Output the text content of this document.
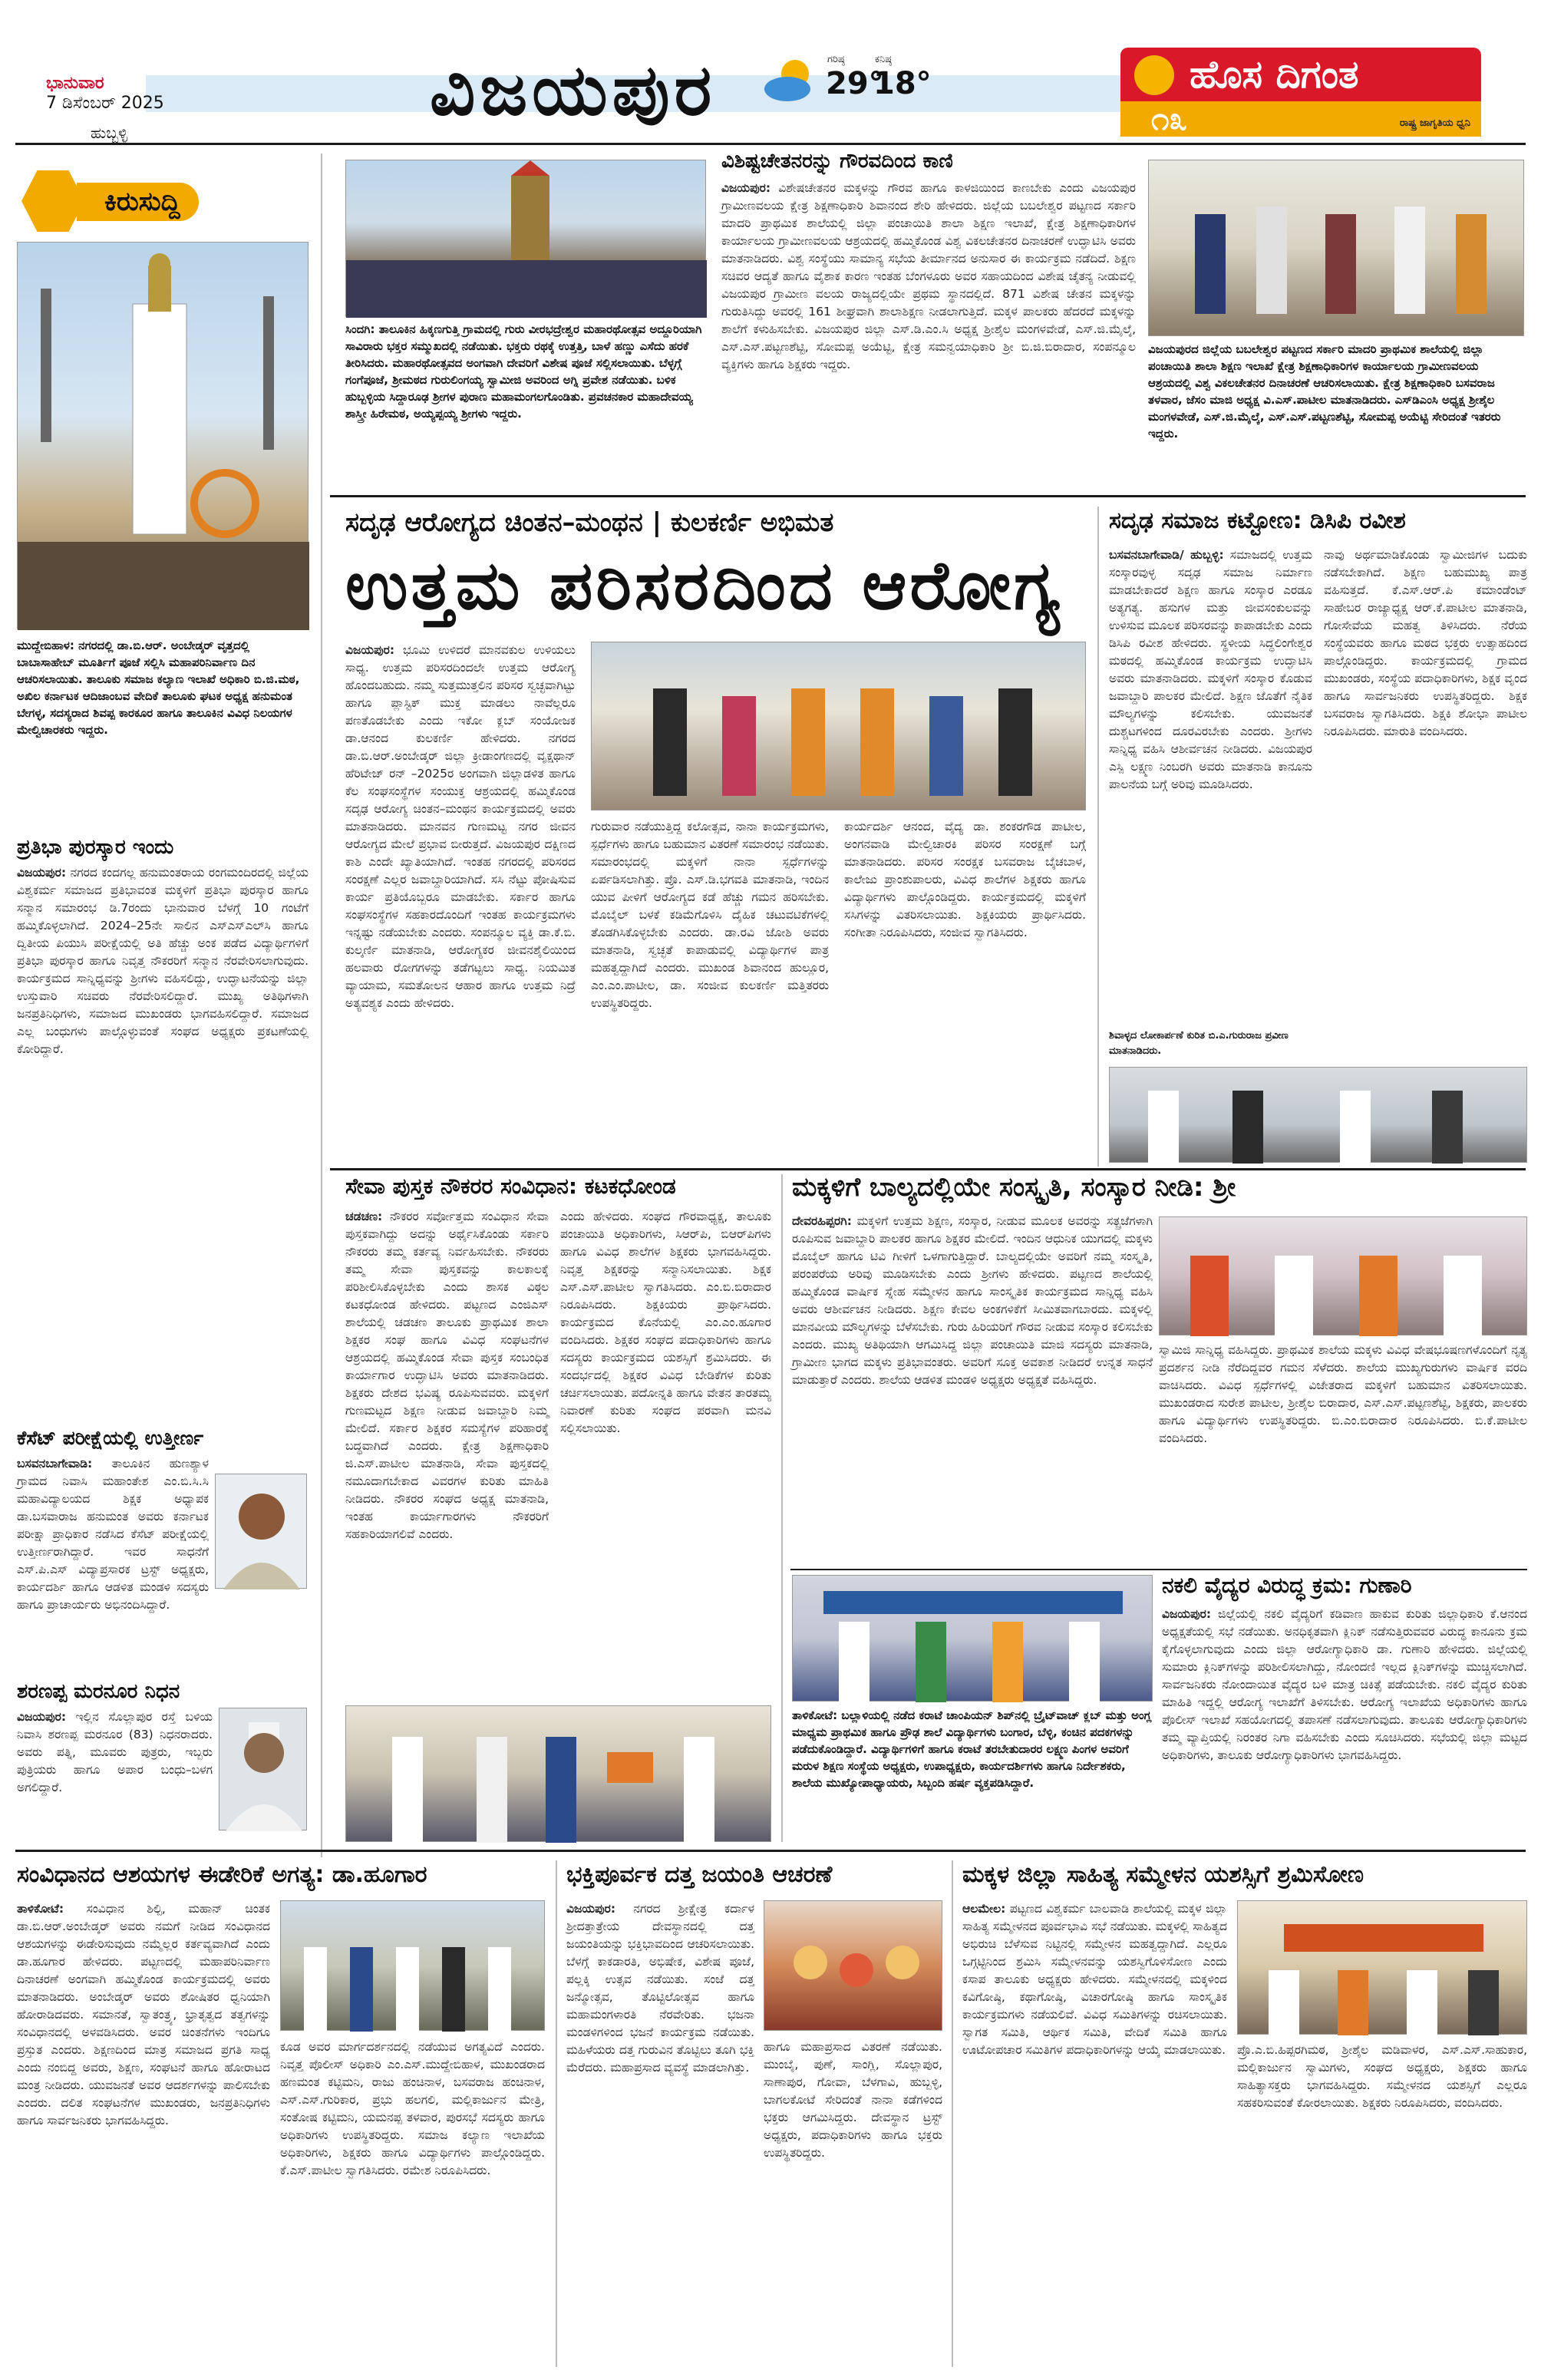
ಭಾನುವಾರ
7 ಡಿಸೆಂಬರ್ 2025
ಹುಬ್ಬಳ್ಳಿ
ವಿಜಯಪುರ	ಗರಿಷ್ಠ
29°
ಕನಿಷ್ಠ
18°	ಹೊಸ ದಿಗಂತ
೧೩	ರಾಷ್ಟ್ರ ಜಾಗೃತಿಯ ಧ್ವನಿ
ಕಿರುಸುದ್ದಿ
ಮುದ್ದೇಬಿಹಾಳ: ನಗರದಲ್ಲಿ ಡಾ.ಬಿ.ಆರ್. ಅಂಬೇಡ್ಕರ್ ವೃತ್ತದಲ್ಲಿ ಬಾಬಾಸಾಹೇಬ್ ಮೂರ್ತಿಗೆ ಪೂಜೆ ಸಲ್ಲಿಸಿ ಮಹಾಪರಿನಿರ್ವಾಣ ದಿನ ಆಚರಿಸಲಾಯಿತು. ತಾಲೂಕು ಸಮಾಜ ಕಲ್ಯಾಣ ಇಲಾಖೆ ಅಧಿಕಾರಿ ಬಿ.ಜಿ.ಮಠ, ಅಖಿಲ ಕರ್ನಾಟಕ ಆದಿಜಾಂಬವ ವೇದಿಕೆ ತಾಲೂಕು ಘಟಕ ಅಧ್ಯಕ್ಷ ಹನುಮಂತ ಬೇಗಳ್ಳ, ಸದಸ್ಯರಾದ ಶಿವಪ್ಪ ಕಾರಕೂರ ಹಾಗೂ ತಾಲೂಕಿನ ವಿವಿಧ ನಿಲಯಗಳ ಮೇಲ್ವಿಚಾರಕರು ಇದ್ದರು.
ಪ್ರತಿಭಾ ಪುರಸ್ಕಾರ ಇಂದು
ವಿಜಯಪುರ: ನಗರದ ಕಂದಗಲ್ಲ ಹನುಮಂತರಾಯ ರಂಗಮಂದಿರದಲ್ಲಿ ಜಿಲ್ಲೆಯ ವಿಶ್ವಕರ್ಮ ಸಮಾಜದ ಪ್ರತಿಭಾವಂತ ಮಕ್ಕಳಿಗೆ ಪ್ರತಿಭಾ ಪುರಸ್ಕಾರ ಹಾಗೂ ಸನ್ಮಾನ ಸಮಾರಂಭ ಡಿ.7ರಂದು ಭಾನುವಾರ ಬೆಳಗ್ಗೆ 10 ಗಂಟೆಗೆ ಹಮ್ಮಿಕೊಳ್ಳಲಾಗಿದೆ. 2024–25ನೇ ಸಾಲಿನ ಎಸ್ಎಸ್ಎಲ್‌ಸಿ ಹಾಗೂ ದ್ವಿತೀಯ ಪಿಯುಸಿ ಪರೀಕ್ಷೆಯಲ್ಲಿ ಅತಿ ಹೆಚ್ಚು ಅಂಕ ಪಡೆದ ವಿದ್ಯಾರ್ಥಿಗಳಿಗೆ ಪ್ರತಿಭಾ ಪುರಸ್ಕಾರ ಹಾಗೂ ನಿವೃತ್ತ ನೌಕರರಿಗೆ ಸನ್ಮಾನ ನೆರವೇರಿಸಲಾಗುವುದು. ಕಾರ್ಯಕ್ರಮದ ಸಾನ್ನಿಧ್ಯವನ್ನು ಶ್ರೀಗಳು ವಹಿಸಲಿದ್ದು, ಉದ್ಘಾಟನೆಯನ್ನು ಜಿಲ್ಲಾ ಉಸ್ತುವಾರಿ ಸಚಿವರು ನೆರವೇರಿಸಲಿದ್ದಾರೆ. ಮುಖ್ಯ ಅತಿಥಿಗಳಾಗಿ ಜನಪ್ರತಿನಿಧಿಗಳು, ಸಮಾಜದ ಮುಖಂಡರು ಭಾಗವಹಿಸಲಿದ್ದಾರೆ. ಸಮಾಜದ ಎಲ್ಲ ಬಂಧುಗಳು ಪಾಲ್ಗೊಳ್ಳುವಂತೆ ಸಂಘದ ಅಧ್ಯಕ್ಷರು ಪ್ರಕಟಣೆಯಲ್ಲಿ ಕೋರಿದ್ದಾರೆ.
ಕೆಸೆಟ್ ಪರೀಕ್ಷೆಯಲ್ಲಿ ಉತ್ತೀರ್ಣ
ಬಸವನಬಾಗೇವಾಡಿ: ತಾಲೂಕಿನ ಹುಣಶ್ಯಾಳ ಗ್ರಾಮದ ನಿವಾಸಿ ಮಹಾಂತೇಶ ಎಂ.ಬಿ.ಸಿ.ಸಿ ಮಹಾವಿದ್ಯಾಲಯದ ಶಿಕ್ಷಕ ಅಧ್ಯಾಪಕ ಡಾ.ಬಸವಾರಾಜ ಹನುಮಂತ ಅವರು ಕರ್ನಾಟಕ ಪರೀಕ್ಷಾ ಪ್ರಾಧಿಕಾರ ನಡೆಸಿದ ಕೆಸೆಟ್ ಪರೀಕ್ಷೆಯಲ್ಲಿ ಉತ್ತೀರ್ಣರಾಗಿದ್ದಾರೆ. ಇವರ ಸಾಧನೆಗೆ ಎಸ್.ಪಿ.ಎಸ್ ವಿದ್ಯಾಪ್ರಸಾರಕ ಟ್ರಸ್ಟ್ ಅಧ್ಯಕ್ಷರು, ಕಾರ್ಯದರ್ಶಿ ಹಾಗೂ ಆಡಳಿತ ಮಂಡಳಿ ಸದಸ್ಯರು ಹಾಗೂ ಪ್ರಾಚಾರ್ಯರು ಅಭಿನಂದಿಸಿದ್ದಾರೆ.
ಶರಣಪ್ಪ ಮರನೂರ ನಿಧನ
ವಿಜಯಪುರ: ಇಲ್ಲಿನ ಸೊಲ್ಲಾಪುರ ರಸ್ತೆ ಬಳಿಯ ನಿವಾಸಿ ಶರಣಪ್ಪ ಮರನೂರ (83) ನಿಧನರಾದರು. ಅವರು ಪತ್ನಿ, ಮೂವರು ಪುತ್ರರು, ಇಬ್ಬರು ಪುತ್ರಿಯರು ಹಾಗೂ ಅಪಾರ ಬಂಧು–ಬಳಗ ಅಗಲಿದ್ದಾರೆ.
ಸಿಂದಗಿ: ತಾಲೂಕಿನ ಹಿಕ್ಕಣಗುತ್ತಿ ಗ್ರಾಮದಲ್ಲಿ ಗುರು ವೀರಭದ್ರೇಶ್ವರ ಮಹಾರಥೋತ್ಸವ ಅದ್ದೂರಿಯಾಗಿ ಸಾವಿರಾರು ಭಕ್ತರ ಸಮ್ಮುಖದಲ್ಲಿ ನಡೆಯಿತು. ಭಕ್ತರು ರಥಕ್ಕೆ ಉತ್ತತ್ತಿ, ಬಾಳೆ ಹಣ್ಣು ಎಸೆದು ಹರಕೆ ತೀರಿಸಿದರು. ಮಹಾರಥೋತ್ಸವದ ಅಂಗವಾಗಿ ದೇವರಿಗೆ ವಿಶೇಷ ಪೂಜೆ ಸಲ್ಲಿಸಲಾಯಿತು. ಬೆಳ್ಳಗ್ಗೆ ಗಂಗೆಪೂಜೆ, ಶ್ರೀಮಠದ ಗುರುಲಿಂಗಯ್ಯ ಸ್ವಾಮೀಜಿ ಅವರಿಂದ ಅಗ್ನಿ ಪ್ರವೇಶ ನಡೆಯಿತು. ಬಳಿಕ ಹುಬ್ಬಳ್ಳಿಯ ಸಿದ್ದಾರೂಢ ಶ್ರೀಗಳ ಪುರಾಣ ಮಹಾಮಂಗಲಗೊಂಡಿತು. ಪ್ರವಚನಕಾರ ಮಹಾದೇವಯ್ಯ ಶಾಸ್ತ್ರೀ ಹಿರೇಮಠ, ಅಯ್ಯಪ್ಪಯ್ಯ ಶ್ರೀಗಳು ಇದ್ದರು.
ವಿಶಿಷ್ಟಚೇತನರನ್ನು ಗೌರವದಿಂದ ಕಾಣಿ
ವಿಜಯಪುರ: ವಿಶೇಷಚೇತನರ ಮಕ್ಕಳನ್ನು ಗೌರವ ಹಾಗೂ ಕಾಳಜಿಯಿಂದ ಕಾಣಬೇಕು ಎಂದು ವಿಜಯಪುರ ಗ್ರಾಮೀಣವಲಯ ಕ್ಷೇತ್ರ ಶಿಕ್ಷಣಾಧಿಕಾರಿ ಶಿವಾನಂದ ಶೇರಿ ಹೇಳಿದರು. ಜಿಲ್ಲೆಯ ಬಬಲೇಶ್ವರ ಪಟ್ಟಣದ ಸರ್ಕಾರಿ ಮಾದರಿ ಪ್ರಾಥಮಿಕ ಶಾಲೆಯಲ್ಲಿ ಜಿಲ್ಲಾ ಪಂಚಾಯಿತಿ ಶಾಲಾ ಶಿಕ್ಷಣ ಇಲಾಖೆ, ಕ್ಷೇತ್ರ ಶಿಕ್ಷಣಾಧಿಕಾರಿಗಳ ಕಾರ್ಯಾಲಯ ಗ್ರಾಮೀಣವಲಯ ಆಶ್ರಯದಲ್ಲಿ ಹಮ್ಮಿಕೊಂಡ ವಿಶ್ವ ವಿಕಲಚೇತನರ ದಿನಾಚರಣೆ ಉದ್ಘಾಟಿಸಿ ಅವರು ಮಾತನಾಡಿದರು. ವಿಶ್ವ ಸಂಸ್ಥೆಯು ಸಾಮಾನ್ಯ ಸಭೆಯ ತೀರ್ಮಾನದ ಅನುಸಾರ ಈ ಕಾರ್ಯಕ್ರಮ ನಡೆದಿದೆ. ಶಿಕ್ಷಣ ಸಚಿವರ ಆದ್ಯತೆ ಹಾಗೂ ವೈಶಾಕ ಕಾರಣ ಇಂತಹ ಬೆಂಗಳೂರು ಅವರ ಸಹಾಯದಿಂದ ವಿಶೇಷ ಚೈತನ್ಯ ನೀಡುವಲ್ಲಿ ವಿಜಯಪುರ ಗ್ರಾಮೀಣ ವಲಯ ರಾಜ್ಯದಲ್ಲಿಯೇ ಪ್ರಥಮ ಸ್ಥಾನದಲ್ಲಿದೆ. 871 ವಿಶೇಷ ಚೇತನ ಮಕ್ಕಳನ್ನು ಗುರುತಿಸಿದ್ದು ಅವರಲ್ಲಿ 161 ಶೀಘ್ರವಾಗಿ ಶಾಲಾಶಿಕ್ಷಣ ನೀಡಲಾಗುತ್ತಿದೆ. ಮಕ್ಕಳ ಪಾಲಕರು ಹೆದರದೆ ಮಕ್ಕಳನ್ನು ಶಾಲೆಗೆ ಕಳುಹಿಸಬೇಕು. ವಿಜಯಪುರ ಜಿಲ್ಲಾ ಎಸ್.ಡಿ.ಎಂ.ಸಿ ಅಧ್ಯಕ್ಷ ಶ್ರೀಶೈಲ ಮಂಗಳವೇಡೆ, ಎಸ್.ಜಿ.ಮೈಲ್ಕೆ, ಎಸ್.ಎಸ್.ಪಟ್ಟಣಶೆಟ್ಟಿ, ಸೋಮಪ್ಪ ಅಯೆಟ್ಟಿ, ಕ್ಷೇತ್ರ ಸಮನ್ವಯಾಧಿಕಾರಿ ಶ್ರೀ ಬಿ.ಜಿ.ಬಿರಾದಾರ, ಸಂಪನ್ಮೂಲ ವ್ಯಕ್ತಿಗಳು ಹಾಗೂ ಶಿಕ್ಷಕರು ಇದ್ದರು.
ವಿಜಯಪುರದ ಜಿಲ್ಲೆಯ ಬಬಲೇಶ್ವರ ಪಟ್ಟಣದ ಸರ್ಕಾರಿ ಮಾದರಿ ಪ್ರಾಥಮಿಕ ಶಾಲೆಯಲ್ಲಿ ಜಿಲ್ಲಾ ಪಂಚಾಯಿತಿ ಶಾಲಾ ಶಿಕ್ಷಣ ಇಲಾಖೆ ಕ್ಷೇತ್ರ ಶಿಕ್ಷಣಾಧಿಕಾರಿಗಳ ಕಾರ್ಯಾಲಯ ಗ್ರಾಮೀಣವಲಯ ಆಶ್ರಯದಲ್ಲಿ ವಿಶ್ವ ವಿಕಲಚೇತನರ ದಿನಾಚರಣೆ ಆಚರಿಸಲಾಯಿತು. ಕ್ಷೇತ್ರ ಶಿಕ್ಷಣಾಧಿಕಾರಿ ಬಸವರಾಜ ತಳವಾರ, ಜೆಸಂ ಮಾಜಿ ಅಧ್ಯಕ್ಷ ವಿ.ಎಸ್.ಪಾಟೀಲ ಮಾತನಾಡಿದರು. ಎಸ್‌ಡಿಎಂಸಿ ಅಧ್ಯಕ್ಷ ಶ್ರೀಶೈಲ ಮಂಗಳವೇಡೆ, ಎಸ್.ಜಿ.ಮೈಲ್ಕೆ, ಎಸ್.ಎಸ್.ಪಟ್ಟಣಶೆಟ್ಟಿ, ಸೋಮಪ್ಪ ಅಯೆಟ್ಟಿ ಸೇರಿದಂತೆ ಇತರರು ಇದ್ದರು.
ಸದೃಢ ಆರೋಗ್ಯದ ಚಿಂತನ–ಮಂಥನ | ಕುಲಕರ್ಣಿ ಅಭಿಮತ
ಉತ್ತಮ ಪರಿಸರದಿಂದ ಆರೋಗ್ಯ
ವಿಜಯಪುರ: ಭೂಮಿ ಉಳಿದರೆ ಮಾನವಕುಲ ಉಳಿಯಲು ಸಾಧ್ಯ. ಉತ್ತಮ ಪರಿಸರದಿಂದಲೇ ಉತ್ತಮ ಆರೋಗ್ಯ ಹೊಂದಬಹುದು. ನಮ್ಮ ಸುತ್ತಮುತ್ತಲಿನ ಪರಿಸರ ಸ್ವಚ್ಛವಾಗಿಟ್ಟು ಹಾಗೂ ಪ್ಲಾಸ್ಟಿಕ್ ಮುಕ್ತ ಮಾಡಲು ನಾವೆಲ್ಲರೂ ಪಣತೊಡಬೇಕು ಎಂದು ಇಕೋ ಕ್ಲಬ್ ಸಂಯೋಜಕ ಡಾ.ಆನಂದ ಕುಲಕರ್ಣಿ ಹೇಳಿದರು. ನಗರದ ಡಾ.ಬಿ.ಆರ್.ಅಂಬೇಡ್ಕರ್ ಜಿಲ್ಲಾ ಕ್ರೀಡಾಂಗಣದಲ್ಲಿ ವೃಕ್ಷಥಾನ್ ಹೆರಿಟೇಜ್ ರನ್ –2025ರ ಅಂಗವಾಗಿ ಜಿಲ್ಲಾಡಳಿತ ಹಾಗೂ ಕೆಲ ಸಂಘಸಂಸ್ಥೆಗಳ ಸಂಯುಕ್ತ ಆಶ್ರಯದಲ್ಲಿ ಹಮ್ಮಿಕೊಂಡ ಸದೃಢ ಆರೋಗ್ಯ ಚಿಂತನ–ಮಂಥನ ಕಾರ್ಯಕ್ರಮದಲ್ಲಿ ಅವರು ಮಾತನಾಡಿದರು. ಮಾನವನ ಗುಣಮಟ್ಟ ನಗರ ಜೀವನ ಆರೋಗ್ಯದ ಮೇಲೆ ಪ್ರಭಾವ ಬೀರುತ್ತದೆ. ವಿಜಯಪುರ ದಕ್ಷಿಣದ ಕಾಶಿ ಎಂದೇ ಖ್ಯಾತಿಯಾಗಿದೆ. ಇಂತಹ ನಗರದಲ್ಲಿ ಪರಿಸರದ ಸಂರಕ್ಷಣೆ ಎಲ್ಲರ ಜವಾಬ್ದಾರಿಯಾಗಿದೆ. ಸಸಿ ನೆಟ್ಟು ಪೋಷಿಸುವ ಕಾರ್ಯ ಪ್ರತಿಯೊಬ್ಬರೂ ಮಾಡಬೇಕು. ಸರ್ಕಾರ ಹಾಗೂ ಸಂಘಸಂಸ್ಥೆಗಳ ಸಹಕಾರದೊಂದಿಗೆ ಇಂತಹ ಕಾರ್ಯಕ್ರಮಗಳು ಇನ್ನಷ್ಟು ನಡೆಯಬೇಕು ಎಂದರು. ಸಂಪನ್ಮೂಲ ವ್ಯಕ್ತಿ ಡಾ.ಕೆ.ಬಿ. ಕುಲ್ಕರ್ಣಿ ಮಾತನಾಡಿ, ಆರೋಗ್ಯಕರ ಜೀವನಶೈಲಿಯಿಂದ ಹಲವಾರು ರೋಗಗಳನ್ನು ತಡೆಗಟ್ಟಲು ಸಾಧ್ಯ. ನಿಯಮಿತ ವ್ಯಾಯಾಮ, ಸಮತೋಲನ ಆಹಾರ ಹಾಗೂ ಉತ್ತಮ ನಿದ್ರೆ ಅತ್ಯವಶ್ಯಕ ಎಂದು ಹೇಳಿದರು.
ಗುರುವಾರ ನಡೆಯುತ್ತಿದ್ದ ಕಲೋತ್ಸವ, ನಾನಾ ಕಾರ್ಯಕ್ರಮಗಳು, ಸ್ಪರ್ಧೆಗಳು ಹಾಗೂ ಬಹುಮಾನ ವಿತರಣೆ ಸಮಾರಂಭ ನಡೆಯಿತು. ಸಮಾರಂಭದಲ್ಲಿ ಮಕ್ಕಳಿಗೆ ನಾನಾ ಸ್ಪರ್ಧೆಗಳನ್ನು ಏರ್ಪಡಿಸಲಾಗಿತ್ತು. ಪ್ರೊ. ಎಸ್.ಡಿ.ಭಗವತಿ ಮಾತನಾಡಿ, ಇಂದಿನ ಯುವ ಪೀಳಿಗೆ ಆರೋಗ್ಯದ ಕಡೆ ಹೆಚ್ಚು ಗಮನ ಹರಿಸಬೇಕು. ಮೊಬೈಲ್ ಬಳಕೆ ಕಡಿಮೆಗೊಳಿಸಿ ದೈಹಿಕ ಚಟುವಟಿಕೆಗಳಲ್ಲಿ ತೊಡಗಿಸಿಕೊಳ್ಳಬೇಕು ಎಂದರು. ಡಾ.ರವಿ ಜೋಶಿ ಅವರು ಮಾತನಾಡಿ, ಸ್ವಚ್ಛತೆ ಕಾಪಾಡುವಲ್ಲಿ ವಿದ್ಯಾರ್ಥಿಗಳ ಪಾತ್ರ ಮಹತ್ವದ್ದಾಗಿದೆ ಎಂದರು. ಮುಖಂಡ ಶಿವಾನಂದ ಹುಲ್ಲೂರ, ಎಂ.ಎಂ.ಪಾಟೀಲ, ಡಾ. ಸಂಜೀವ ಕುಲಕರ್ಣಿ ಮತ್ತಿತರರು ಉಪಸ್ಥಿತರಿದ್ದರು.
ಕಾರ್ಯದರ್ಶಿ ಆನಂದ, ವೈದ್ಯ ಡಾ. ಶಂಕರಗೌಡ ಪಾಟೀಲ, ಅಂಗನವಾಡಿ ಮೇಲ್ವಿಚಾರಕಿ ಪರಿಸರ ಸಂರಕ್ಷಣೆ ಬಗ್ಗೆ ಮಾತನಾಡಿದರು. ಪರಿಸರ ಸಂರಕ್ಷಕ ಬಸವರಾಜ ಬೈಚಬಾಳ, ಕಾಲೇಜು ಪ್ರಾಂಶುಪಾಲರು, ವಿವಿಧ ಶಾಲೆಗಳ ಶಿಕ್ಷಕರು ಹಾಗೂ ವಿದ್ಯಾರ್ಥಿಗಳು ಪಾಲ್ಗೊಂಡಿದ್ದರು. ಕಾರ್ಯಕ್ರಮದಲ್ಲಿ ಮಕ್ಕಳಿಗೆ ಸಸಿಗಳನ್ನು ವಿತರಿಸಲಾಯಿತು. ಶಿಕ್ಷಕಿಯರು ಪ್ರಾರ್ಥಿಸಿದರು. ಸಂಗೀತಾ ನಿರೂಪಿಸಿದರು, ಸಂಜೀವ ಸ್ವಾಗತಿಸಿದರು.
ಸದೃಢ ಸಮಾಜ ಕಟ್ಟೋಣ: ಡಿಸಿಪಿ ರವೀಶ
ಬಸವನಬಾಗೇವಾಡಿ/ ಹುಬ್ಬಳ್ಳಿ: ಸಮಾಜದಲ್ಲಿ ಉತ್ತಮ ಸಂಸ್ಕಾರವುಳ್ಳ ಸದೃಢ ಸಮಾಜ ನಿರ್ಮಾಣ ಮಾಡಬೇಕಾದರೆ ಶಿಕ್ಷಣ ಹಾಗೂ ಸಂಸ್ಕಾರ ಎರಡೂ ಅತ್ಯಗತ್ಯ. ಹಸುಗಳ ಮತ್ತು ಜೀವಸಂಕುಲವನ್ನು ಉಳಿಸುವ ಮೂಲಕ ಪರಿಸರವನ್ನು ಕಾಪಾಡಬೇಕು ಎಂದು ಡಿಸಿಪಿ ರವೀಶ ಹೇಳಿದರು. ಸ್ಥಳೀಯ ಸಿದ್ಧಲಿಂಗೇಶ್ವರ ಮಠದಲ್ಲಿ ಹಮ್ಮಿಕೊಂಡ ಕಾರ್ಯಕ್ರಮ ಉದ್ಘಾಟಿಸಿ ಅವರು ಮಾತನಾಡಿದರು. ಮಕ್ಕಳಿಗೆ ಸಂಸ್ಕಾರ ಕೊಡುವ ಜವಾಬ್ದಾರಿ ಪಾಲಕರ ಮೇಲಿದೆ. ಶಿಕ್ಷಣ ಜೊತೆಗೆ ನೈತಿಕ ಮೌಲ್ಯಗಳನ್ನು ಕಲಿಸಬೇಕು. ಯುವಜನತೆ ದುಶ್ಚಟಗಳಿಂದ ದೂರವಿರಬೇಕು ಎಂದರು. ಶ್ರೀಗಳು ಸಾನ್ನಿಧ್ಯ ವಹಿಸಿ ಆಶೀರ್ವಚನ ನೀಡಿದರು. ವಿಜಯಪುರ ಎಸ್ಪಿ ಲಕ್ಷ್ಮಣ ನಿಂಬರಗಿ ಅವರು ಮಾತನಾಡಿ ಕಾನೂನು ಪಾಲನೆಯ ಬಗ್ಗೆ ಅರಿವು ಮೂಡಿಸಿದರು.
ನಾವು ಅರ್ಥಮಾಡಿಕೊಂಡು ಸ್ವಾಮೀಜಿಗಳ ಬದುಕು ನಡೆಸಬೇಕಾಗಿದೆ. ಶಿಕ್ಷಣ ಬಹುಮುಖ್ಯ ಪಾತ್ರ ವಹಿಸುತ್ತದೆ. ಕೆ.ಎಸ್.ಆರ್.ಪಿ ಕಮಾಂಡೆಂಟ್ ಸಾಹೇಬರ ರಾಜ್ಯಾಧ್ಯಕ್ಷ ಆರ್.ಕೆ.ಪಾಟೀಲ ಮಾತನಾಡಿ, ಗೋಸೇವೆಯ ಮಹತ್ವ ತಿಳಿಸಿದರು. ನೆರೆಯ ಸಂಸ್ಥೆಯವರು ಹಾಗೂ ಮಠದ ಭಕ್ತರು ಉತ್ಸಾಹದಿಂದ ಪಾಲ್ಗೊಂಡಿದ್ದರು. ಕಾರ್ಯಕ್ರಮದಲ್ಲಿ ಗ್ರಾಮದ ಮುಖಂಡರು, ಸಂಸ್ಥೆಯ ಪದಾಧಿಕಾರಿಗಳು, ಶಿಕ್ಷಕ ವೃಂದ ಹಾಗೂ ಸಾರ್ವಜನಿಕರು ಉಪಸ್ಥಿತರಿದ್ದರು. ಶಿಕ್ಷಕ ಬಸವರಾಜ ಸ್ವಾಗತಿಸಿದರು. ಶಿಕ್ಷಕಿ ಶೋಭಾ ಪಾಟೀಲ ನಿರೂಪಿಸಿದರು. ಮಾರುತಿ ವಂದಿಸಿದರು.
ಶಿವಾಳ್ಳದ ಲೋಕಾರ್ಪಣೆ ಕುರಿತ ಬಿ.ಎ.ಗುರುರಾಜ ಪ್ರವೀಣ ಮಾತನಾಡಿದರು.
ಸೇವಾ ಪುಸ್ತಕ ನೌಕರರ ಸಂವಿಧಾನ: ಕಟಕಧೋಂಡ
ಚಡಚಣ: ನೌಕರರ ಸರ್ವೋತ್ತಮ ಸಂವಿಧಾನ ಸೇವಾ ಪುಸ್ತಕವಾಗಿದ್ದು ಅದನ್ನು ಅರ್ಥೈಸಿಕೊಂಡು ಸರ್ಕಾರಿ ನೌಕರರು ತಮ್ಮ ಕರ್ತವ್ಯ ನಿರ್ವಹಿಸಬೇಕು. ನೌಕರರು ತಮ್ಮ ಸೇವಾ ಪುಸ್ತಕವನ್ನು ಕಾಲಕಾಲಕ್ಕೆ ಪರಿಶೀಲಿಸಿಕೊಳ್ಳಬೇಕು ಎಂದು ಶಾಸಕ ವಿಠ್ಠಲ ಕಟಕಧೋಂಡ ಹೇಳಿದರು. ಪಟ್ಟಣದ ಎಂಜಿಎಸ್ ಶಾಲೆಯಲ್ಲಿ ಚಡಚಣ ತಾಲೂಕು ಪ್ರಾಥಮಿಕ ಶಾಲಾ ಶಿಕ್ಷಕರ ಸಂಘ ಹಾಗೂ ವಿವಿಧ ಸಂಘಟನೆಗಳ ಆಶ್ರಯದಲ್ಲಿ ಹಮ್ಮಿಕೊಂಡ ಸೇವಾ ಪುಸ್ತಕ ಸಂಬಂಧಿತ ಕಾರ್ಯಾಗಾರ ಉದ್ಘಾಟಿಸಿ ಅವರು ಮಾತನಾಡಿದರು. ಶಿಕ್ಷಕರು ದೇಶದ ಭವಿಷ್ಯ ರೂಪಿಸುವವರು. ಮಕ್ಕಳಿಗೆ ಗುಣಮಟ್ಟದ ಶಿಕ್ಷಣ ನೀಡುವ ಜವಾಬ್ದಾರಿ ನಿಮ್ಮ ಮೇಲಿದೆ. ಸರ್ಕಾರ ಶಿಕ್ಷಕರ ಸಮಸ್ಯೆಗಳ ಪರಿಹಾರಕ್ಕೆ ಬದ್ಧವಾಗಿದೆ ಎಂದರು. ಕ್ಷೇತ್ರ ಶಿಕ್ಷಣಾಧಿಕಾರಿ ಜಿ.ಎಸ್.ಪಾಟೀಲ ಮಾತನಾಡಿ, ಸೇವಾ ಪುಸ್ತಕದಲ್ಲಿ ನಮೂದಾಗಬೇಕಾದ ವಿವರಗಳ ಕುರಿತು ಮಾಹಿತಿ ನೀಡಿದರು. ನೌಕರರ ಸಂಘದ ಅಧ್ಯಕ್ಷ ಮಾತನಾಡಿ, ಇಂತಹ ಕಾರ್ಯಾಗಾರಗಳು ನೌಕರರಿಗೆ ಸಹಕಾರಿಯಾಗಲಿವೆ ಎಂದರು.
ಎಂದು ಹೇಳಿದರು. ಸಂಘದ ಗೌರವಾಧ್ಯಕ್ಷ, ತಾಲೂಕು ಪಂಚಾಯಿತಿ ಅಧಿಕಾರಿಗಳು, ಸಿಆರ್‌ಪಿ, ಬಿಆರ್‌ಪಿಗಳು ಹಾಗೂ ವಿವಿಧ ಶಾಲೆಗಳ ಶಿಕ್ಷಕರು ಭಾಗವಹಿಸಿದ್ದರು. ನಿವೃತ್ತ ಶಿಕ್ಷಕರನ್ನು ಸನ್ಮಾನಿಸಲಾಯಿತು. ಶಿಕ್ಷಕ ಎಸ್.ಎಸ್.ಪಾಟೀಲ ಸ್ವಾಗತಿಸಿದರು. ಎಂ.ಬಿ.ಬಿರಾದಾರ ನಿರೂಪಿಸಿದರು. ಶಿಕ್ಷಕಿಯರು ಪ್ರಾರ್ಥಿಸಿದರು. ಕಾರ್ಯಕ್ರಮದ ಕೊನೆಯಲ್ಲಿ ಎಂ.ಎಂ.ಹೂಗಾರ ವಂದಿಸಿದರು. ಶಿಕ್ಷಕರ ಸಂಘದ ಪದಾಧಿಕಾರಿಗಳು ಹಾಗೂ ಸದಸ್ಯರು ಕಾರ್ಯಕ್ರಮದ ಯಶಸ್ಸಿಗೆ ಶ್ರಮಿಸಿದರು. ಈ ಸಂದರ್ಭದಲ್ಲಿ ಶಿಕ್ಷಕರ ವಿವಿಧ ಬೇಡಿಕೆಗಳ ಕುರಿತು ಚರ್ಚಿಸಲಾಯಿತು. ಪದೋನ್ನತಿ ಹಾಗೂ ವೇತನ ತಾರತಮ್ಯ ನಿವಾರಣೆ ಕುರಿತು ಸಂಘದ ಪರವಾಗಿ ಮನವಿ ಸಲ್ಲಿಸಲಾಯಿತು.
ಮಕ್ಕಳಿಗೆ ಬಾಲ್ಯದಲ್ಲಿಯೇ ಸಂಸ್ಕೃತಿ, ಸಂಸ್ಕಾರ ನೀಡಿ: ಶ್ರೀ
ದೇವರಹಿಪ್ಪರಗಿ: ಮಕ್ಕಳಿಗೆ ಉತ್ತಮ ಶಿಕ್ಷಣ, ಸಂಸ್ಕಾರ, ನೀಡುವ ಮೂಲಕ ಅವರನ್ನು ಸತ್ಪ್ರಜೆಗಳಾಗಿ ರೂಪಿಸುವ ಜವಾಬ್ದಾರಿ ಪಾಲಕರ ಹಾಗೂ ಶಿಕ್ಷಕರ ಮೇಲಿದೆ. ಇಂದಿನ ಆಧುನಿಕ ಯುಗದಲ್ಲಿ ಮಕ್ಕಳು ಮೊಬೈಲ್ ಹಾಗೂ ಟಿವಿ ಗೀಳಿಗೆ ಒಳಗಾಗುತ್ತಿದ್ದಾರೆ. ಬಾಲ್ಯದಲ್ಲಿಯೇ ಅವರಿಗೆ ನಮ್ಮ ಸಂಸ್ಕೃತಿ, ಪರಂಪರೆಯ ಅರಿವು ಮೂಡಿಸಬೇಕು ಎಂದು ಶ್ರೀಗಳು ಹೇಳಿದರು. ಪಟ್ಟಣದ ಶಾಲೆಯಲ್ಲಿ ಹಮ್ಮಿಕೊಂಡ ವಾರ್ಷಿಕ ಸ್ನೇಹ ಸಮ್ಮೇಳನ ಹಾಗೂ ಸಾಂಸ್ಕೃತಿಕ ಕಾರ್ಯಕ್ರಮದ ಸಾನ್ನಿಧ್ಯ ವಹಿಸಿ ಅವರು ಆಶೀರ್ವಚನ ನೀಡಿದರು. ಶಿಕ್ಷಣ ಕೇವಲ ಅಂಕಗಳಿಕೆಗೆ ಸೀಮಿತವಾಗಬಾರದು. ಮಕ್ಕಳಲ್ಲಿ ಮಾನವೀಯ ಮೌಲ್ಯಗಳನ್ನು ಬೆಳೆಸಬೇಕು. ಗುರು ಹಿರಿಯರಿಗೆ ಗೌರವ ನೀಡುವ ಸಂಸ್ಕಾರ ಕಲಿಸಬೇಕು ಎಂದರು. ಮುಖ್ಯ ಅತಿಥಿಯಾಗಿ ಆಗಮಿಸಿದ್ದ ಜಿಲ್ಲಾ ಪಂಚಾಯಿತಿ ಮಾಜಿ ಸದಸ್ಯರು ಮಾತನಾಡಿ, ಗ್ರಾಮೀಣ ಭಾಗದ ಮಕ್ಕಳು ಪ್ರತಿಭಾವಂತರು. ಅವರಿಗೆ ಸೂಕ್ತ ಅವಕಾಶ ನೀಡಿದರೆ ಉನ್ನತ ಸಾಧನೆ ಮಾಡುತ್ತಾರೆ ಎಂದರು. ಶಾಲೆಯ ಆಡಳಿತ ಮಂಡಳಿ ಅಧ್ಯಕ್ಷರು ಅಧ್ಯಕ್ಷತೆ ವಹಿಸಿದ್ದರು.
ಸ್ವಾಮಿಜಿ ಸಾನ್ನಿಧ್ಯ ವಹಿಸಿದ್ದರು. ಪ್ರಾಥಮಿಕ ಶಾಲೆಯ ಮಕ್ಕಳು ವಿವಿಧ ವೇಷಭೂಷಣಗಳೊಂದಿಗೆ ನೃತ್ಯ ಪ್ರದರ್ಶನ ನೀಡಿ ನೆರೆದಿದ್ದವರ ಗಮನ ಸೆಳೆದರು. ಶಾಲೆಯ ಮುಖ್ಯಗುರುಗಳು ವಾರ್ಷಿಕ ವರದಿ ವಾಚಿಸಿದರು. ವಿವಿಧ ಸ್ಪರ್ಧೆಗಳಲ್ಲಿ ವಿಜೇತರಾದ ಮಕ್ಕಳಿಗೆ ಬಹುಮಾನ ವಿತರಿಸಲಾಯಿತು. ಮುಖಂಡರಾದ ಸುರೇಶ ಪಾಟೀಲ, ಶ್ರೀಶೈಲ ಬಿರಾದಾರ, ಎಸ್.ಎಸ್.ಪಟ್ಟಣಶೆಟ್ಟಿ, ಶಿಕ್ಷಕರು, ಪಾಲಕರು ಹಾಗೂ ವಿದ್ಯಾರ್ಥಿಗಳು ಉಪಸ್ಥಿತರಿದ್ದರು. ಬಿ.ಎಂ.ಬಿರಾದಾರ ನಿರೂಪಿಸಿದರು. ಬಿ.ಕೆ.ಪಾಟೀಲ ವಂದಿಸಿದರು.
ತಾಳಿಕೋಟೆ: ಬಲ್ಲಾಳಿಯಲ್ಲಿ ನಡೆದ ಕರಾಟೆ ಚಾಂಪಿಯನ್ ಶಿಪ್‌ನಲ್ಲಿ ಬ್ರೈಟ್‌ವಾಚ್ ಕ್ಲಬ್ ಮತ್ತು ಅಂಗ್ಲ ಮಾಧ್ಯಮ ಪ್ರಾಥಮಿಕ ಹಾಗೂ ಪ್ರೌಢ ಶಾಲೆ ವಿದ್ಯಾರ್ಥಿಗಳು ಬಂಗಾರ, ಬೆಳ್ಳಿ, ಕಂಚಿನ ಪದಕಗಳನ್ನು ಪಡೆದುಕೊಂಡಿದ್ದಾರೆ. ವಿದ್ಯಾರ್ಥಿಗಳಿಗೆ ಹಾಗೂ ಕರಾಟೆ ತರಬೇತುದಾರರ ಲಕ್ಷ್ಮಣ ಪಿಂಗಳ ಅವರಿಗೆ ಮರುಳ ಶಿಕ್ಷಣ ಸಂಸ್ಥೆಯ ಅಧ್ಯಕ್ಷರು, ಉಪಾಧ್ಯಕ್ಷರು, ಕಾರ್ಯದರ್ಶಿಗಳು ಹಾಗೂ ನಿರ್ದೇಶಕರು, ಶಾಲೆಯ ಮುಖ್ಯೋಪಾಧ್ಯಾಯರು, ಸಿಬ್ಬಂದಿ ಹರ್ಷ ವ್ಯಕ್ತಪಡಿಸಿದ್ದಾರೆ.
ನಕಲಿ ವೈದ್ಯರ ವಿರುದ್ಧ ಕ್ರಮ: ಗುಣಾರಿ
ವಿಜಯಪುರ: ಜಿಲ್ಲೆಯಲ್ಲಿ ನಕಲಿ ವೈದ್ಯರಿಗೆ ಕಡಿವಾಣ ಹಾಕುವ ಕುರಿತು ಜಿಲ್ಲಾಧಿಕಾರಿ ಕೆ.ಆನಂದ ಅಧ್ಯಕ್ಷತೆಯಲ್ಲಿ ಸಭೆ ನಡೆಯಿತು. ಅನಧಿಕೃತವಾಗಿ ಕ್ಲಿನಿಕ್ ನಡೆಸುತ್ತಿರುವವರ ವಿರುದ್ಧ ಕಾನೂನು ಕ್ರಮ ಕೈಗೊಳ್ಳಲಾಗುವುದು ಎಂದು ಜಿಲ್ಲಾ ಆರೋಗ್ಯಾಧಿಕಾರಿ ಡಾ. ಗುಣಾರಿ ಹೇಳಿದರು. ಜಿಲ್ಲೆಯಲ್ಲಿ ಸುಮಾರು ಕ್ಲಿನಿಕ್‌ಗಳನ್ನು ಪರಿಶೀಲಿಸಲಾಗಿದ್ದು, ನೋಂದಣಿ ಇಲ್ಲದ ಕ್ಲಿನಿಕ್‌ಗಳನ್ನು ಮುಚ್ಚಿಸಲಾಗಿದೆ. ಸಾರ್ವಜನಿಕರು ನೋಂದಾಯಿತ ವೈದ್ಯರ ಬಳಿ ಮಾತ್ರ ಚಿಕಿತ್ಸೆ ಪಡೆಯಬೇಕು. ನಕಲಿ ವೈದ್ಯರ ಕುರಿತು ಮಾಹಿತಿ ಇದ್ದಲ್ಲಿ ಆರೋಗ್ಯ ಇಲಾಖೆಗೆ ತಿಳಿಸಬೇಕು. ಆರೋಗ್ಯ ಇಲಾಖೆಯ ಅಧಿಕಾರಿಗಳು ಹಾಗೂ ಪೊಲೀಸ್ ಇಲಾಖೆ ಸಹಯೋಗದಲ್ಲಿ ತಪಾಸಣೆ ನಡೆಸಲಾಗುವುದು. ತಾಲೂಕು ಆರೋಗ್ಯಾಧಿಕಾರಿಗಳು ತಮ್ಮ ವ್ಯಾಪ್ತಿಯಲ್ಲಿ ನಿರಂತರ ನಿಗಾ ವಹಿಸಬೇಕು ಎಂದು ಸೂಚಿಸಿದರು. ಸಭೆಯಲ್ಲಿ ಜಿಲ್ಲಾ ಮಟ್ಟದ ಅಧಿಕಾರಿಗಳು, ತಾಲೂಕು ಆರೋಗ್ಯಾಧಿಕಾರಿಗಳು ಭಾಗವಹಿಸಿದ್ದರು.
ಸಂವಿಧಾನದ ಆಶಯಗಳ ಈಡೇರಿಕೆ ಅಗತ್ಯ: ಡಾ.ಹೂಗಾರ
ತಾಳಿಕೋಟೆ: ಸಂವಿಧಾನ ಶಿಲ್ಪಿ, ಮಹಾನ್ ಚಿಂತಕ ಡಾ.ಬಿ.ಆರ್.ಅಂಬೇಡ್ಕರ್ ಅವರು ನಮಗೆ ನೀಡಿದ ಸಂವಿಧಾನದ ಆಶಯಗಳನ್ನು ಈಡೇರಿಸುವುದು ನಮ್ಮೆಲ್ಲರ ಕರ್ತವ್ಯವಾಗಿದೆ ಎಂದು ಡಾ.ಹೂಗಾರ ಹೇಳಿದರು. ಪಟ್ಟಣದಲ್ಲಿ ಮಹಾಪರಿನಿರ್ವಾಣ ದಿನಾಚರಣೆ ಅಂಗವಾಗಿ ಹಮ್ಮಿಕೊಂಡ ಕಾರ್ಯಕ್ರಮದಲ್ಲಿ ಅವರು ಮಾತನಾಡಿದರು. ಅಂಬೇಡ್ಕರ್ ಅವರು ಶೋಷಿತರ ಧ್ವನಿಯಾಗಿ ಹೋರಾಡಿದವರು. ಸಮಾನತೆ, ಸ್ವಾತಂತ್ರ್ಯ, ಭ್ರಾತೃತ್ವದ ತತ್ವಗಳನ್ನು ಸಂವಿಧಾನದಲ್ಲಿ ಅಳವಡಿಸಿದರು. ಅವರ ಚಿಂತನೆಗಳು ಇಂದಿಗೂ ಪ್ರಸ್ತುತ ಎಂದರು. ಶಿಕ್ಷಣದಿಂದ ಮಾತ್ರ ಸಮಾಜದ ಪ್ರಗತಿ ಸಾಧ್ಯ ಎಂದು ನಂಬಿದ್ದ ಅವರು, ಶಿಕ್ಷಣ, ಸಂಘಟನೆ ಹಾಗೂ ಹೋರಾಟದ ಮಂತ್ರ ನೀಡಿದರು. ಯುವಜನತೆ ಅವರ ಆದರ್ಶಗಳನ್ನು ಪಾಲಿಸಬೇಕು ಎಂದರು. ದಲಿತ ಸಂಘಟನೆಗಳ ಮುಖಂಡರು, ಜನಪ್ರತಿನಿಧಿಗಳು ಹಾಗೂ ಸಾರ್ವಜನಿಕರು ಭಾಗವಹಿಸಿದ್ದರು.
ಕೂಡ ಅವರ ಮಾರ್ಗದರ್ಶನದಲ್ಲಿ ನಡೆಯುವ ಅಗತ್ಯವಿದೆ ಎಂದರು. ನಿವೃತ್ತ ಪೊಲೀಸ್ ಅಧಿಕಾರಿ ಎಂ.ಎಸ್.ಮುದ್ದೇಬಿಹಾಳ, ಮುಖಂಡರಾದ ಹಣಮಂತ ಕಟ್ಟಿಮನಿ, ರಾಜು ಹಂಚಿನಾಳ, ಬಸವರಾಜ ಹಂಚಿನಾಳ, ಎಸ್.ಎಸ್.ಗುರಿಕಾರ, ಪ್ರಭು ಹಲಗಲಿ, ಮಲ್ಲಿಕಾರ್ಜುನ ಮೇತ್ರಿ, ಸಂತೋಷ ಕಟ್ಟಿಮನಿ, ಯಮನಪ್ಪ ತಳವಾರ, ಪುರಸಭೆ ಸದಸ್ಯರು ಹಾಗೂ ಅಧಿಕಾರಿಗಳು ಉಪಸ್ಥಿತರಿದ್ದರು. ಸಮಾಜ ಕಲ್ಯಾಣ ಇಲಾಖೆಯ ಅಧಿಕಾರಿಗಳು, ಶಿಕ್ಷಕರು ಹಾಗೂ ವಿದ್ಯಾರ್ಥಿಗಳು ಪಾಲ್ಗೊಂಡಿದ್ದರು. ಕೆ.ಎಸ್.ಪಾಟೀಲ ಸ್ವಾಗತಿಸಿದರು. ರಮೇಶ ನಿರೂಪಿಸಿದರು.
ಭಕ್ತಿಪೂರ್ವಕ ದತ್ತ ಜಯಂತಿ ಆಚರಣೆ
ವಿಜಯಪುರ: ನಗರದ ಶ್ರೀಕ್ಷೇತ್ರ ಕರ್ದಾಳ ಶ್ರೀದತ್ತಾತ್ರೇಯ ದೇವಸ್ಥಾನದಲ್ಲಿ ದತ್ತ ಜಯಂತಿಯನ್ನು ಭಕ್ತಿಭಾವದಿಂದ ಆಚರಿಸಲಾಯಿತು. ಬೆಳಗ್ಗೆ ಕಾಕಡಾರತಿ, ಅಭಿಷೇಕ, ವಿಶೇಷ ಪೂಜೆ, ಪಲ್ಲಕ್ಕಿ ಉತ್ಸವ ನಡೆಯಿತು. ಸಂಜೆ ದತ್ತ ಜನ್ಮೋತ್ಸವ, ತೊಟ್ಟಿಲೋತ್ಸವ ಹಾಗೂ ಮಹಾಮಂಗಳಾರತಿ ನೆರವೇರಿತು. ಭಜನಾ ಮಂಡಳಿಗಳಿಂದ ಭಜನೆ ಕಾರ್ಯಕ್ರಮ ನಡೆಯಿತು. ಮಹಿಳೆಯರು ದತ್ತ ಗುರುವಿನ ತೊಟ್ಟಿಲು ತೂಗಿ ಭಕ್ತಿ ಮೆರೆದರು. ಮಹಾಪ್ರಸಾದ ವ್ಯವಸ್ಥೆ ಮಾಡಲಾಗಿತ್ತು.
ಹಾಗೂ ಮಹಾಪ್ರಸಾದ ವಿತರಣೆ ನಡೆಯಿತು. ಮುಂಬೈ, ಪುಣೆ, ಸಾಂಗ್ಲಿ, ಸೊಲ್ಲಾಪುರ, ಸಾಣಾಪುರ, ಗೋವಾ, ಬೆಳಗಾವಿ, ಹುಬ್ಬಳ್ಳಿ, ಬಾಗಲಕೋಟೆ ಸೇರಿದಂತೆ ನಾನಾ ಕಡೆಗಳಿಂದ ಭಕ್ತರು ಆಗಮಿಸಿದ್ದರು. ದೇವಸ್ಥಾನ ಟ್ರಸ್ಟ್ ಅಧ್ಯಕ್ಷರು, ಪದಾಧಿಕಾರಿಗಳು ಹಾಗೂ ಭಕ್ತರು ಉಪಸ್ಥಿತರಿದ್ದರು.
ಮಕ್ಕಳ ಜಿಲ್ಲಾ ಸಾಹಿತ್ಯ ಸಮ್ಮೇಳನ ಯಶಸ್ಸಿಗೆ ಶ್ರಮಿಸೋಣ
ಆಲಮೇಲ: ಪಟ್ಟಣದ ವಿಶ್ವಕರ್ಮ ಬಾಲವಾಡಿ ಶಾಲೆಯಲ್ಲಿ ಮಕ್ಕಳ ಜಿಲ್ಲಾ ಸಾಹಿತ್ಯ ಸಮ್ಮೇಳನದ ಪೂರ್ವಭಾವಿ ಸಭೆ ನಡೆಯಿತು. ಮಕ್ಕಳಲ್ಲಿ ಸಾಹಿತ್ಯದ ಅಭಿರುಚಿ ಬೆಳೆಸುವ ನಿಟ್ಟಿನಲ್ಲಿ ಸಮ್ಮೇಳನ ಮಹತ್ವದ್ದಾಗಿದೆ. ಎಲ್ಲರೂ ಒಗ್ಗಟ್ಟಿನಿಂದ ಶ್ರಮಿಸಿ ಸಮ್ಮೇಳನವನ್ನು ಯಶಸ್ವಿಗೊಳಿಸೋಣ ಎಂದು ಕಸಾಪ ತಾಲೂಕು ಅಧ್ಯಕ್ಷರು ಹೇಳಿದರು. ಸಮ್ಮೇಳನದಲ್ಲಿ ಮಕ್ಕಳಿಂದ ಕವಿಗೋಷ್ಠಿ, ಕಥಾಗೋಷ್ಠಿ, ವಿಚಾರಗೋಷ್ಠಿ ಹಾಗೂ ಸಾಂಸ್ಕೃತಿಕ ಕಾರ್ಯಕ್ರಮಗಳು ನಡೆಯಲಿವೆ. ವಿವಿಧ ಸಮಿತಿಗಳನ್ನು ರಚಿಸಲಾಯಿತು. ಸ್ವಾಗತ ಸಮಿತಿ, ಆರ್ಥಿಕ ಸಮಿತಿ, ವೇದಿಕೆ ಸಮಿತಿ ಹಾಗೂ ಊಟೋಪಚಾರ ಸಮಿತಿಗಳ ಪದಾಧಿಕಾರಿಗಳನ್ನು ಆಯ್ಕೆ ಮಾಡಲಾಯಿತು. ಪ್ರೊ.ಎ.ಬಿ.ಹಿಪ್ಪರಗಿಮಠ, ಶ್ರೀಶೈಲ ಮಡಿವಾಳರ, ಎಸ್.ಎಸ್.ಸಾಹುಕಾರ, ಮಲ್ಲಿಕಾರ್ಜುನ ಸ್ವಾಮಿಗಳು, ಸಂಘದ ಅಧ್ಯಕ್ಷರು, ಶಿಕ್ಷಕರು ಹಾಗೂ ಸಾಹಿತ್ಯಾಸಕ್ತರು ಭಾಗವಹಿಸಿದ್ದರು. ಸಮ್ಮೇಳನದ ಯಶಸ್ಸಿಗೆ ಎಲ್ಲರೂ ಸಹಕರಿಸುವಂತೆ ಕೋರಲಾಯಿತು. ಶಿಕ್ಷಕರು ನಿರೂಪಿಸಿದರು, ವಂದಿಸಿದರು.
